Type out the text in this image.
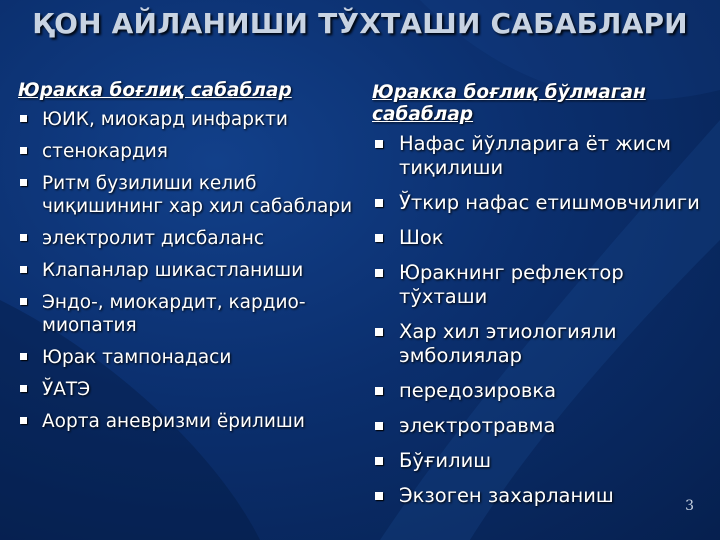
ҚОН АЙЛАНИШИ ТЎХТАШИ САБАБЛАРИ
Юракка боғлиқ сабаблар
ЮИК, миокард инфаркти
стенокардия
Ритм бузилиши келиб чиқишининг хар хил сабаблари
электролит дисбаланс
Клапанлар шикастланиши
Эндо-, миокардит, кардио-миопатия
Юрак тампонадаси
ЎАТЭ
Аорта аневризми ёрилиши
Юракка боғлиқ бўлмаган сабаблар
Нафас йўлларига ёт жисм тиқилиши
Ўткир нафас етишмовчилиги
Шок
Юракнинг рефлектор тўхташи
Хар хил этиологияли эмболиялар
передозировка
электротравма
Бўғилиш
Экзоген захарланиш	3
